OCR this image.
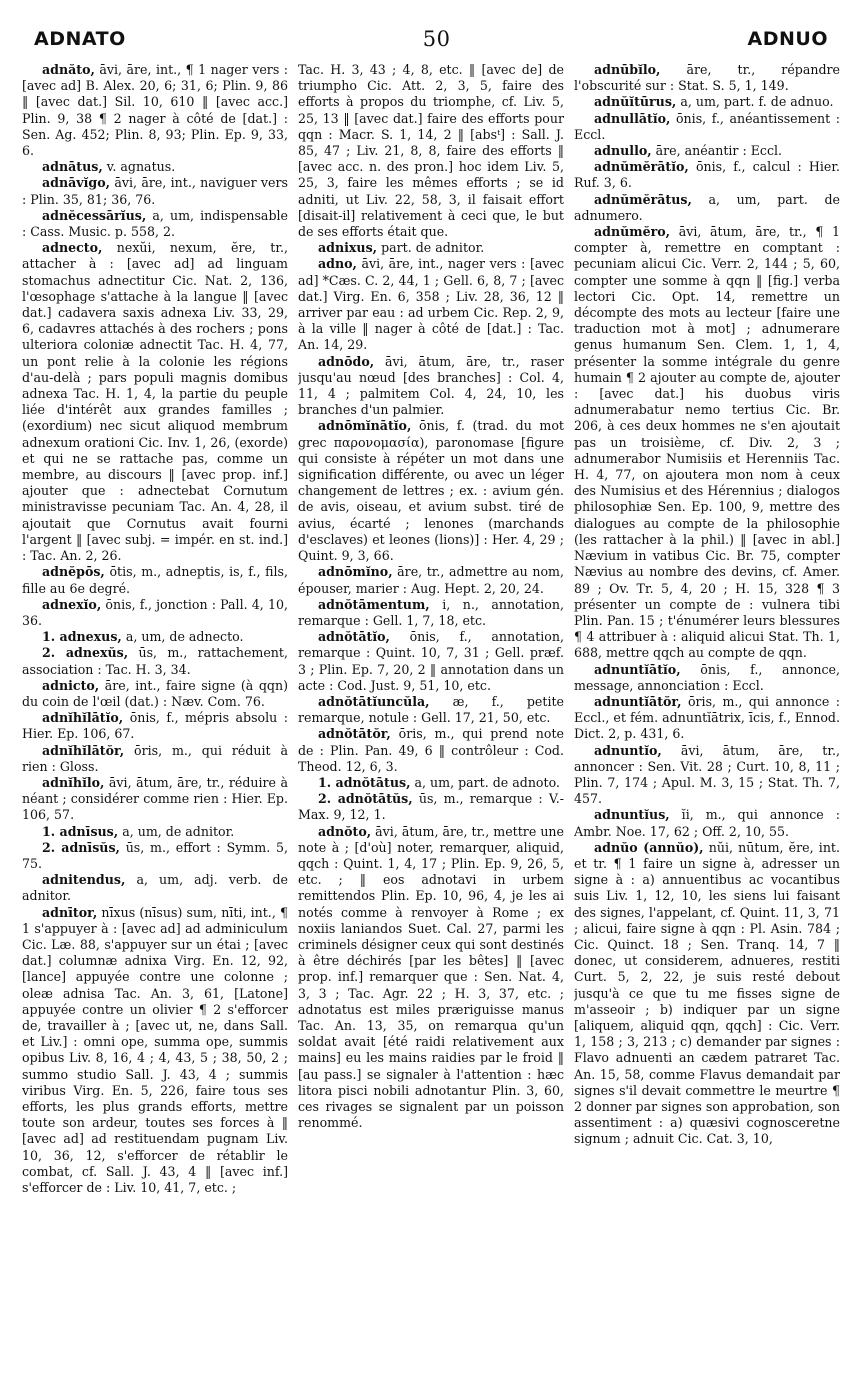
ADNATO	50	ADNUO

adnăto, āvi, āre, int., ¶ 1 nager vers : [avec ad] B. Alex. 20, 6; 31, 6; Plin. 9, 86 ‖ [avec dat.] Sil. 10, 610 ‖ [avec acc.] Plin. 9, 38 ¶ 2 nager à côté de [dat.] : Sen. Ag. 452; Plin. 8, 93; Plin. Ep. 9, 33, 6.

adnātus, v. agnatus.

adnāvĭgo, āvi, āre, int., naviguer vers : Plin. 35, 81; 36, 76.

adnĕcessārĭus, a, um, indispensable : Cass. Music. p. 558, 2.

adnecto, nexŭi, nexum, ĕre, tr., attacher à : [avec ad] ad linguam stomachus adnectitur Cic. Nat. 2, 136, l'œsophage s'attache à la langue ‖ [avec dat.] cadavera saxis adnexa Liv. 33, 29, 6, cadavres attachés à des rochers ; pons ulteriora coloniæ adnectit Tac. H. 4, 77, un pont relie à la colonie les régions d'au-delà ; pars populi magnis domibus adnexa Tac. H. 1, 4, la partie du peuple liée d'intérêt aux grandes familles ; (exordium) nec sicut aliquod membrum adnexum orationi Cic. Inv. 1, 26, (exorde) et qui ne se rattache pas, comme un membre, au discours ‖ [avec prop. inf.] ajouter que : adnectebat Cornutum ministravisse pecuniam Tac. An. 4, 28, il ajoutait que Cornutus avait fourni l'argent ‖ [avec subj. = impér. en st. ind.] : Tac. An. 2, 26.

adnĕpōs, ōtis, m., adneptis, is, f., fils, fille au 6e degré.

adnexĭo, ōnis, f., jonction : Pall. 4, 10, 36.

1. adnexus, a, um, de adnecto.

2. adnexŭs, ūs, m., rattachement, association : Tac. H. 3, 34.

adnicto, āre, int., faire signe (à qqn) du coin de l'œil (dat.) : Næv. Com. 76.

adnĭhĭlātĭo, ōnis, f., mépris absolu : Hier. Ep. 106, 67.

adnĭhĭlātŏr, ōris, m., qui réduit à rien : Gloss.

adnĭhĭlo, āvi, ātum, āre, tr., réduire à néant ; considérer comme rien : Hier. Ep. 106, 57.

1. adnīsus, a, um, de adnitor.

2. adnīsŭs, ūs, m., effort : Symm. 5, 75.

adnitendus, a, um, adj. verb. de adnitor.

adnītor, nīxus (nīsus) sum, nīti, int., ¶ 1 s'appuyer à : [avec ad] ad adminiculum Cic. Læ. 88, s'appuyer sur un étai ; [avec dat.] columnæ adnixa Virg. En. 12, 92, [lance] appuyée contre une colonne ; oleæ adnisa Tac. An. 3, 61, [Latone] appuyée contre un olivier ¶ 2 s'efforcer de, travailler à ; [avec ut, ne, dans Sall. et Liv.] : omni ope, summa ope, summis opibus Liv. 8, 16, 4 ; 4, 43, 5 ; 38, 50, 2 ; summo studio Sall. J. 43, 4 ; summis viribus Virg. En. 5, 226, faire tous ses efforts, les plus grands efforts, mettre toute son ardeur, toutes ses forces à ‖ [avec ad] ad restituendam pugnam Liv. 10, 36, 12, s'efforcer de rétablir le combat, cf. Sall. J. 43, 4 ‖ [avec inf.] s'efforcer de : Liv. 10, 41, 7, etc. ;

Tac. H. 3, 43 ; 4, 8, etc. ‖ [avec de] de triumpho Cic. Att. 2, 3, 5, faire des efforts à propos du triomphe, cf. Liv. 5, 25, 13 ‖ [avec dat.] faire des efforts pour qqn : Macr. S. 1, 14, 2 ‖ [absᵗ] : Sall. J. 85, 47 ; Liv. 21, 8, 8, faire des efforts ‖ [avec acc. n. des pron.] hoc idem Liv. 5, 25, 3, faire les mêmes efforts ; se id adniti, ut Liv. 22, 58, 3, il faisait effort [disait-il] relativement à ceci que, le but de ses efforts était que.

adnixus, part. de adnitor.

adno, āvi, āre, int., nager vers : [avec ad] *Cæs. C. 2, 44, 1 ; Gell. 6, 8, 7 ; [avec dat.] Virg. En. 6, 358 ; Liv. 28, 36, 12 ‖ arriver par eau : ad urbem Cic. Rep. 2, 9, à la ville ‖ nager à côté de [dat.] : Tac. An. 14, 29.

adnōdo, āvi, ātum, āre, tr., raser jusqu'au nœud [des branches] : Col. 4, 11, 4 ; palmitem Col. 4, 24, 10, les branches d'un palmier.

adnōmĭnātĭo, ōnis, f. (trad. du mot grec παρονομασία), paronomase [figure qui consiste à répéter un mot dans une signification différente, ou avec un léger changement de lettres ; ex. : avium gén. de avis, oiseau, et avium subst. tiré de avius, écarté ; lenones (marchands d'esclaves) et leones (lions)] : Her. 4, 29 ; Quint. 9, 3, 66.

adnōmĭno, āre, tr., admettre au nom, épouser, marier : Aug. Hept. 2, 20, 24.

adnŏtāmentum, i, n., annotation, remarque : Gell. 1, 7, 18, etc.

adnŏtātĭo, ōnis, f., annotation, remarque : Quint. 10, 7, 31 ; Gell. præf. 3 ; Plin. Ep. 7, 20, 2 ‖ annotation dans un acte : Cod. Just. 9, 51, 10, etc.

adnŏtātĭuncŭla, æ, f., petite remarque, notule : Gell. 17, 21, 50, etc.

adnŏtātŏr, ōris, m., qui prend note de : Plin. Pan. 49, 6 ‖ contrôleur : Cod. Theod. 12, 6, 3.

1. adnŏtātus, a, um, part. de adnoto.

2. adnŏtātŭs, ūs, m., remarque : V.-Max. 9, 12, 1.

adnŏto, āvi, ātum, āre, tr., mettre une note à ; [d'où] noter, remarquer, aliquid, qqch : Quint. 1, 4, 17 ; Plin. Ep. 9, 26, 5, etc. ; ‖ eos adnotavi in urbem remittendos Plin. Ep. 10, 96, 4, je les ai notés comme à renvoyer à Rome ; ex noxiis laniandos Suet. Cal. 27, parmi les criminels désigner ceux qui sont destinés à être déchirés [par les bêtes] ‖ [avec prop. inf.] remarquer que : Sen. Nat. 4, 3, 3 ; Tac. Agr. 22 ; H. 3, 37, etc. ; adnotatus est miles præriguisse manus Tac. An. 13, 35, on remarqua qu'un soldat avait [été raidi relativement aux mains] eu les mains raidies par le froid ‖ [au pass.] se signaler à l'attention : hæc litora pisci nobili adnotantur Plin. 3, 60, ces rivages se signalent par un poisson renommé.

adnūbĭlo, āre, tr., répandre l'obscurité sur : Stat. S. 5, 1, 149.

adnŭĭtūrus, a, um, part. f. de adnuo.

adnullātĭo, ōnis, f., anéantissement : Eccl.

adnullo, āre, anéantir : Eccl.

adnŭmĕrātĭo, ōnis, f., calcul : Hier. Ruf. 3, 6.

adnŭmĕrātus, a, um, part. de adnumero.

adnŭmĕro, āvi, ātum, āre, tr., ¶ 1 compter à, remettre en comptant : pecuniam alicui Cic. Verr. 2, 144 ; 5, 60, compter une somme à qqn ‖ [fig.] verba lectori Cic. Opt. 14, remettre un décompte des mots au lecteur [faire une traduction mot à mot] ; adnumerare genus humanum Sen. Clem. 1, 1, 4, présenter la somme intégrale du genre humain ¶ 2 ajouter au compte de, ajouter : [avec dat.] his duobus viris adnumerabatur nemo tertius Cic. Br. 206, à ces deux hommes ne s'en ajoutait pas un troisième, cf. Div. 2, 3 ; adnumerabor Numisiis et Herenniis Tac. H. 4, 77, on ajoutera mon nom à ceux des Numisius et des Hérennius ; dialogos philosophiæ Sen. Ep. 100, 9, mettre des dialogues au compte de la philosophie (les rattacher à la phil.) ‖ [avec in abl.] Nævium in vatibus Cic. Br. 75, compter Nævius au nombre des devins, cf. Amer. 89 ; Ov. Tr. 5, 4, 20 ; H. 15, 328 ¶ 3 présenter un compte de : vulnera tibi Plin. Pan. 15 ; t'énumérer leurs blessures ¶ 4 attribuer à : aliquid alicui Stat. Th. 1, 688, mettre qqch au compte de qqn.

adnuntĭātĭo, ōnis, f., annonce, message, annonciation : Eccl.

adnuntĭātŏr, ōris, m., qui annonce : Eccl., et fém. adnuntĭātrix, īcis, f., Ennod. Dict. 2, p. 431, 6.

adnuntĭo, āvi, ātum, āre, tr., annoncer : Sen. Vit. 28 ; Curt. 10, 8, 11 ; Plin. 7, 174 ; Apul. M. 3, 15 ; Stat. Th. 7, 457.

adnuntĭus, ĭi, m., qui annonce : Ambr. Noe. 17, 62 ; Off. 2, 10, 55.

adnŭo (annŭo), nŭi, nūtum, ĕre, int. et tr. ¶ 1 faire un signe à, adresser un signe à : a) annuentibus ac vocantibus suis Liv. 1, 12, 10, les siens lui faisant des signes, l'appelant, cf. Quint. 11, 3, 71 ; alicui, faire signe à qqn : Pl. Asin. 784 ; Cic. Quinct. 18 ; Sen. Tranq. 14, 7 ‖ donec, ut considerem, adnueres, restiti Curt. 5, 2, 22, je suis resté debout jusqu'à ce que tu me fisses signe de m'asseoir ; b) indiquer par un signe [aliquem, aliquid qqn, qqch] : Cic. Verr. 1, 158 ; 3, 213 ; c) demander par signes : Flavo adnuenti an cædem patraret Tac. An. 15, 58, comme Flavus demandait par signes s'il devait commettre le meurtre ¶ 2 donner par signes son approbation, son assentiment : a) quæsivi cognosceretne signum ; adnuit Cic. Cat. 3, 10,
